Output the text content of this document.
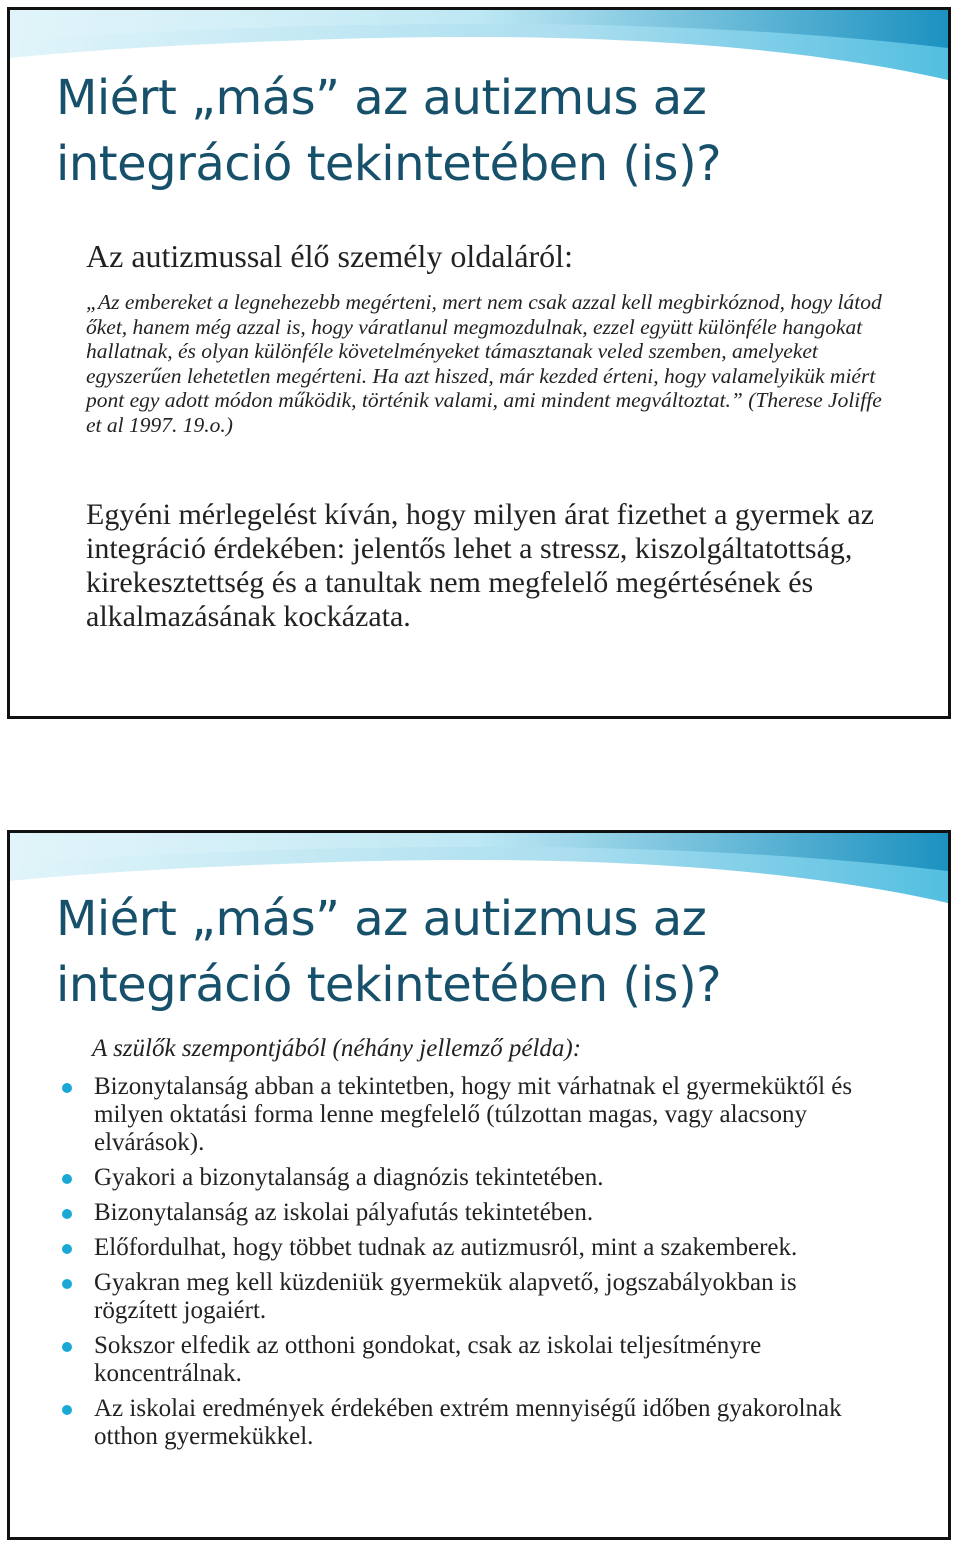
Miért „más” az autizmus az
integráció tekintetében (is)?

Az autizmussal élő személy oldaláról:

„Az embereket a legnehezebb megérteni, mert nem csak azzal kell megbirkóznod, hogy látod őket, hanem még azzal is, hogy váratlanul megmozdulnak, ezzel együtt különféle hangokat hallatnak, és olyan különféle követelményeket támasztanak veled szemben, amelyeket egyszerűen lehetetlen megérteni. Ha azt hiszed, már kezded érteni, hogy valamelyikük miért pont egy adott módon működik, történik valami, ami mindent megváltoztat.” (Therese Joliffe et al 1997. 19.o.)

Egyéni mérlegelést kíván, hogy milyen árat fizethet a gyermek az integráció érdekében: jelentős lehet a stressz, kiszolgáltatottság, kirekesztettség és a tanultak nem megfelelő megértésének és alkalmazásának kockázata.

Miért „más” az autizmus az
integráció tekintetében (is)?

A szülők szempontjából (néhány jellemző példa):

Bizonytalanság abban a tekintetben, hogy mit várhatnak el gyermeküktől és milyen oktatási forma lenne megfelelő (túlzottan magas, vagy alacsony elvárások).
Gyakori a bizonytalanság a diagnózis tekintetében.
Bizonytalanság az iskolai pályafutás tekintetében.
Előfordulhat, hogy többet tudnak az autizmusról, mint a szakemberek.
Gyakran meg kell küzdeniük gyermekük alapvető, jogszabályokban is rögzített jogaiért.
Sokszor elfedik az otthoni gondokat, csak az iskolai teljesítményre koncentrálnak.
Az iskolai eredmények érdekében extrém mennyiségű időben gyakorolnak otthon gyermekükkel.
